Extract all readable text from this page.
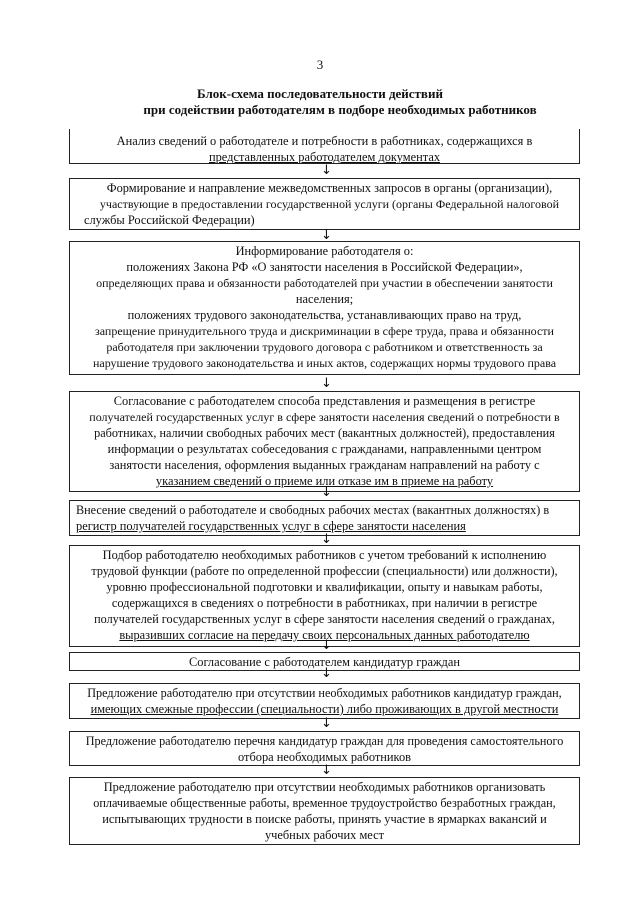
3
Блок-схема последовательности действий
при содействии работодателям в подборе необходимых работников
Анализ сведений о работодателе и потребности в работниках, содержащихся в
представленных работодателем документах
↓
Формирование и направление межведомственных запросов в органы (организации),
участвующие в предоставлении государственной услуги (органы Федеральной налоговой
службы Российской Федерации)
↓
Информирование работодателя о:
положениях Закона РФ «О занятости населения в Российской Федерации»,
определяющих права и обязанности работодателей при участии в обеспечении занятости
населения;
положениях трудового законодательства, устанавливающих право на труд,
запрещение принудительного труда и дискриминации в сфере труда, права и обязанности
работодателя при заключении трудового договора с работником и ответственность за
нарушение трудового законодательства и иных актов, содержащих нормы трудового права
↓
Согласование с работодателем способа представления и размещения в регистре
получателей государственных услуг в сфере занятости населения сведений о потребности в
работниках, наличии свободных рабочих мест (вакантных должностей), предоставления
информации о результатах собеседования с гражданами, направленными центром
занятости населения, оформления выданных гражданам направлений на работу с
указанием сведений о приеме или отказе им в приеме на работу
↓
Внесение сведений о работодателе и свободных рабочих местах (вакантных должностях) в
регистр получателей государственных услуг в сфере занятости населения
↓
Подбор работодателю необходимых работников с учетом требований к исполнению
трудовой функции (работе по определенной профессии (специальности) или должности),
уровню профессиональной подготовки и квалификации, опыту и навыкам работы,
содержащихся в сведениях о потребности в работниках, при наличии в регистре
получателей государственных услуг в сфере занятости населения сведений о гражданах,
выразивших согласие на передачу своих персональных данных работодателю
↓
Согласование с работодателем кандидатур граждан
↓
Предложение работодателю при отсутствии необходимых работников кандидатур граждан,
имеющих смежные профессии (специальности) либо проживающих в другой местности
↓
Предложение работодателю перечня кандидатур граждан для проведения самостоятельного
отбора необходимых работников
↓
Предложение работодателю при отсутствии необходимых работников организовать
оплачиваемые общественные работы, временное трудоустройство безработных граждан,
испытывающих трудности в поиске работы, принять участие в ярмарках вакансий и
учебных рабочих мест
